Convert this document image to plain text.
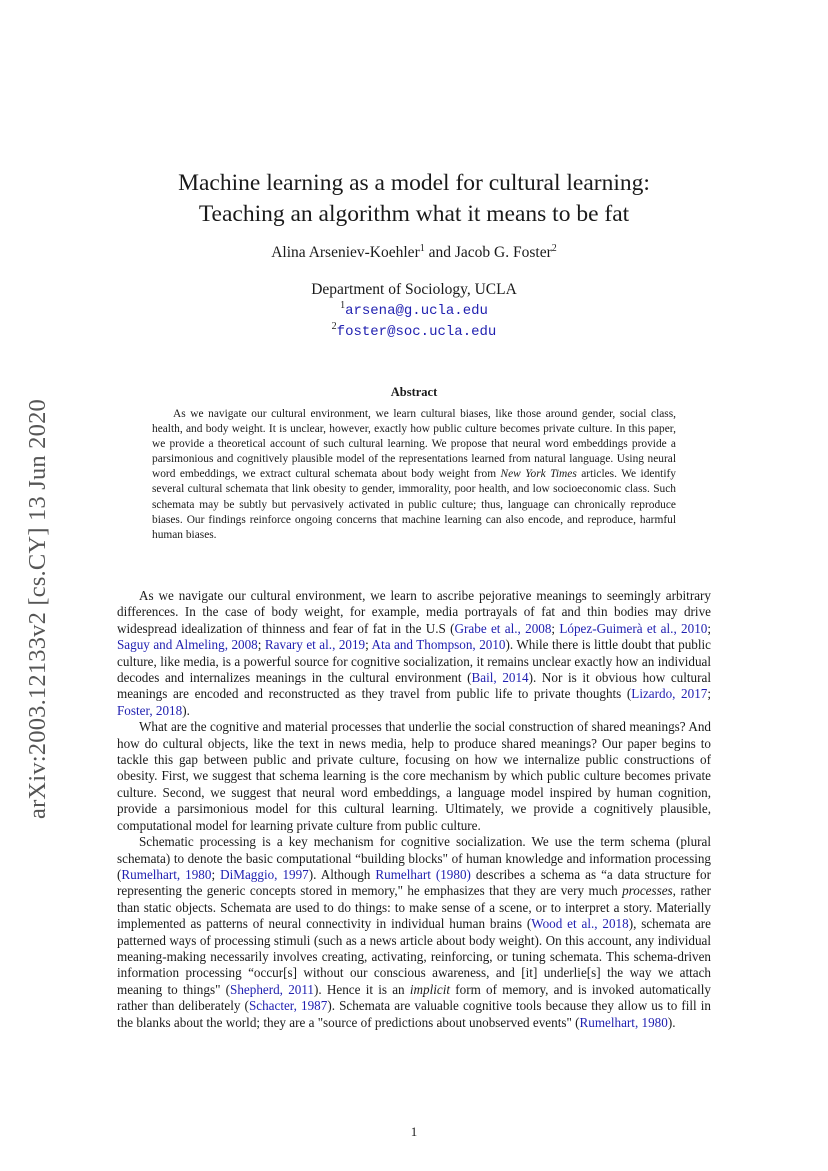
arXiv:2003.12133v2 [cs.CY] 13 Jun 2020
Machine learning as a model for cultural learning:
Teaching an algorithm what it means to be fat
Alina Arseniev-Koehler$^1$ and Jacob G. Foster$^2$
Department of Sociology, UCLA
$^1$arsena@g.ucla.edu
$^2$foster@soc.ucla.edu
Abstract

As we navigate our cultural environment, we learn cultural biases, like those around gender, social class, health, and body weight. It is unclear, however, exactly how public culture becomes private culture. In this paper, we provide a theoretical account of such cultural learning. We propose that neural word embeddings provide a parsimonious and cognitively plausible model of the representations learned from natural language. Using neural word embeddings, we extract cultural schemata about body weight from New York Times articles. We identify several cultural schemata that link obesity to gender, immorality, poor health, and low socioeconomic class. Such schemata may be subtly but pervasively activated in public culture; thus, language can chronically reproduce biases. Our findings reinforce ongoing concerns that machine learning can also encode, and reproduce, harmful human biases.

As we navigate our cultural environment, we learn to ascribe pejorative meanings to seemingly arbitrary differences. In the case of body weight, for example, media portrayals of fat and thin bodies may drive widespread idealization of thinness and fear of fat in the U.S (Grabe et al., 2008; López-Guimerà et al., 2010; Saguy and Almeling, 2008; Ravary et al., 2019; Ata and Thompson, 2010). While there is little doubt that public culture, like media, is a powerful source for cognitive socialization, it remains unclear exactly how an individual decodes and internalizes meanings in the cultural environment (Bail, 2014). Nor is it obvious how cultural meanings are encoded and reconstructed as they travel from public life to private thoughts (Lizardo, 2017; Foster, 2018).

What are the cognitive and material processes that underlie the social construction of shared meanings? And how do cultural objects, like the text in news media, help to produce shared meanings? Our paper begins to tackle this gap between public and private culture, focusing on how we internalize public constructions of obesity. First, we suggest that schema learning is the core mechanism by which public culture becomes private culture. Second, we suggest that neural word embeddings, a language model inspired by human cognition, provide a parsimonious model for this cultural learning. Ultimately, we provide a cognitively plausible, computational model for learning private culture from public culture.

Schematic processing is a key mechanism for cognitive socialization. We use the term schema (plural schemata) to denote the basic computational “building blocks" of human knowledge and information processing (Rumelhart, 1980; DiMaggio, 1997). Although Rumelhart (1980) describes a schema as “a data structure for representing the generic concepts stored in memory," he emphasizes that they are very much processes, rather than static objects. Schemata are used to do things: to make sense of a scene, or to interpret a story. Materially implemented as patterns of neural connectivity in individual human brains (Wood et al., 2018), schemata are patterned ways of processing stimuli (such as a news article about body weight). On this account, any individual meaning-making necessarily involves creating, activating, reinforcing, or tuning schemata. This schema-driven information processing “occur[s] without our conscious awareness, and [it] underlie[s] the way we attach meaning to things" (Shepherd, 2011). Hence it is an implicit form of memory, and is invoked automatically rather than deliberately (Schacter, 1987). Schemata are valuable cognitive tools because they allow us to fill in the blanks about the world; they are a "source of predictions about unobserved events" (Rumelhart, 1980).

1
